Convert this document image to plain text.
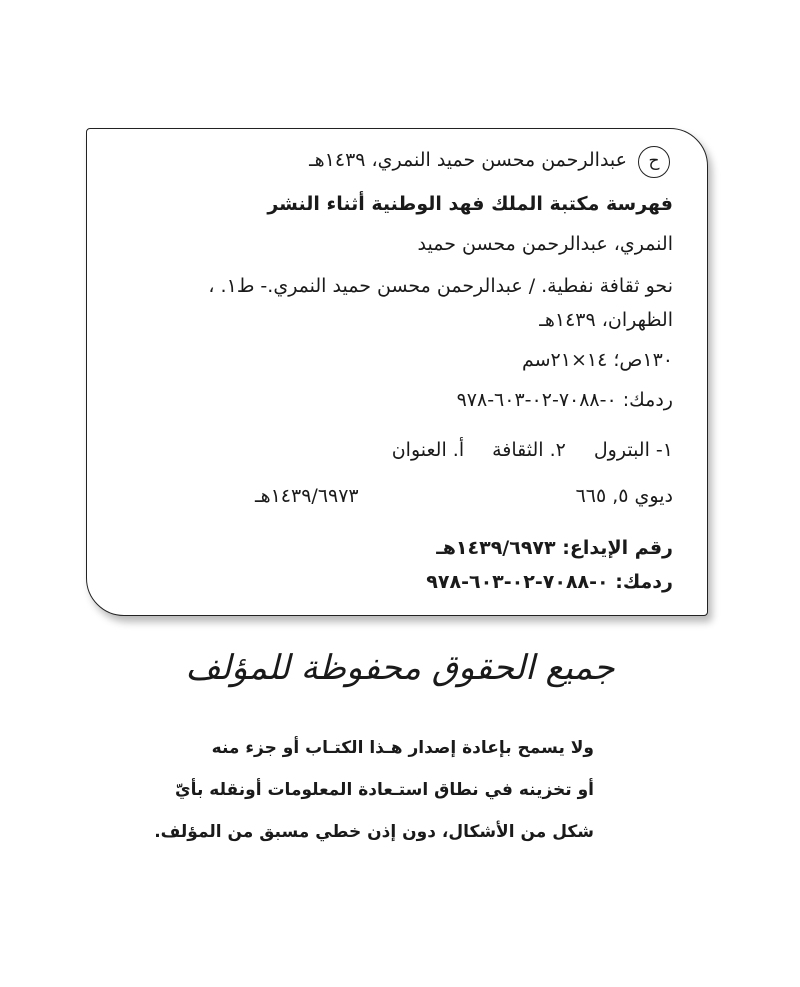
ح
عبدالرحمن محسن حميد النمري، ١٤٣٩هـ
فهرسة مكتبة الملك فهد الوطنية أثناء النشر
النمري، عبدالرحمن محسن حميد
نحو ثقافة نفطية. / عبدالرحمن محسن حميد النمري.- ط١. ،
الظهران، ١٤٣٩هـ
١٣٠ص؛ ١٤×٢١سم
ردمك: ٠-٧٠٨٨-٠٢-٦٠٣-٩٧٨
١- البترول٢. الثقافةأ. العنوان
ديوي ٥, ٦٦٥
١٤٣٩/٦٩٧٣هـ
رقم الإيداع: ١٤٣٩/٦٩٧٣هـ
ردمك: ٠-٧٠٨٨-٠٢-٦٠٣-٩٧٨
جميع الحقوق محفوظة للمؤلف
ولا يسمح بإعادة إصدار هـذا الكتـاب أو جزء منه
أو تخزينه في نطاق استـعادة المعلومات أونقله بأيّ
شكل من الأشكال، دون إذن خطي مسبق من المؤلف.
